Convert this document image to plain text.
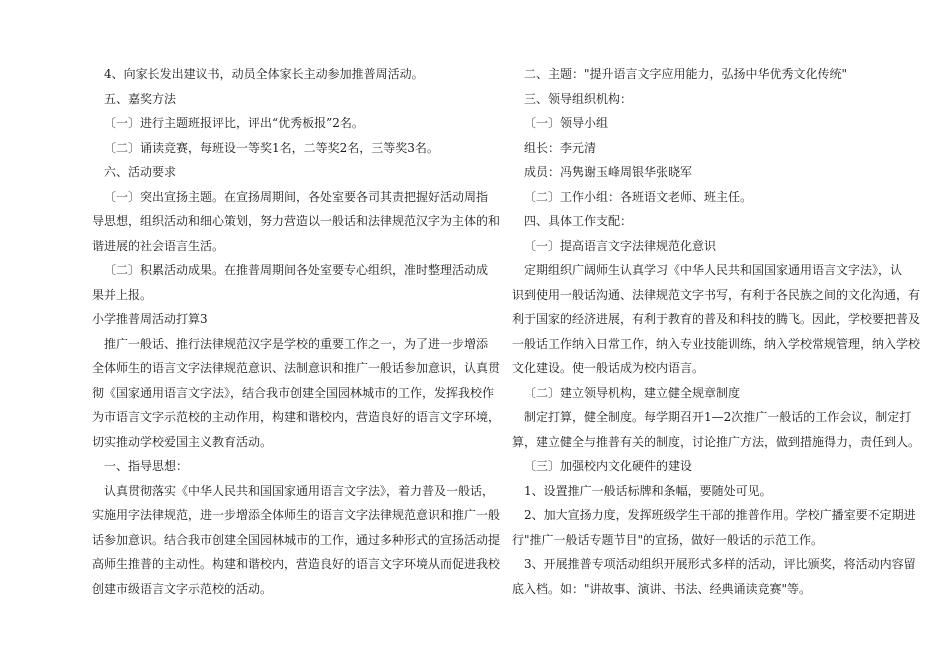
4、向家长发出建议书，动员全体家长主动参加推普周活动。
五、嘉奖方法
〔一〕进行主题班报评比，评出“优秀板报”2名。
〔二〕诵读竞赛，每班设一等奖1名，二等奖2名，三等奖3名。
六、活动要求
〔一〕突出宣扬主题。在宣扬周期间，各处室要各司其责把握好活动周指
导思想，组织活动和细心策划，努力营造以一般话和法律规范汉字为主体的和
谐进展的社会语言生活。
〔二〕积累活动成果。在推普周期间各处室要专心组织，准时整理活动成
果并上报。
小学推普周活动打算3
推广一般话、推行法律规范汉字是学校的重要工作之一，为了进一步增添
全体师生的语言文字法律规范意识、法制意识和推广一般话参加意识，认真贯
彻《国家通用语言文字法》，结合我市创建全国园林城市的工作，发挥我校作
为市语言文字示范校的主动作用，构建和谐校内，营造良好的语言文字环境，
切实推动学校爱国主义教育活动。
一、指导思想：
认真贯彻落实《中华人民共和国国家通用语言文字法》，着力普及一般话，
实施用字法律规范，进一步增添全体师生的语言文字法律规范意识和推广一般
话参加意识。结合我市创建全国园林城市的工作，通过多种形式的宣扬活动提
高师生推普的主动性。构建和谐校内，营造良好的语言文字环境从而促进我校
创建市级语言文字示范校的活动。
二、主题："提升语言文字应用能力，弘扬中华优秀文化传统"
三、领导组织机构：
〔一〕领导小组
组长：李元清
成员：冯隽谢玉峰周银华张晓军
〔二〕工作小组：各班语文老师、班主任。
四、具体工作支配：
〔一〕提高语言文字法律规范化意识
定期组织广阔师生认真学习《中华人民共和国国家通用语言文字法》，认
识到使用一般话沟通、法律规范文字书写，有利于各民族之间的文化沟通，有
利于国家的经济进展，有利于教育的普及和科技的腾飞。因此，学校要把普及
一般话工作纳入日常工作，纳入专业技能训练，纳入学校常规管理，纳入学校
文化建设。使一般话成为校内语言。
〔二〕建立领导机构，建立健全规章制度
制定打算，健全制度。每学期召开1—2次推广一般话的工作会议，制定打
算，建立健全与推普有关的制度，讨论推广方法，做到措施得力，责任到人。
〔三〕加强校内文化硬件的建设
1、设置推广一般话标牌和条幅，要随处可见。
2、加大宣扬力度，发挥班级学生干部的推普作用。学校广播室要不定期进
行"推广一般话专题节目"的宣扬，做好一般话的示范工作。
3、开展推普专项活动组织开展形式多样的活动，评比颁奖，将活动内容留
底入档。如："讲故事、演讲、书法、经典诵读竞赛"等。
